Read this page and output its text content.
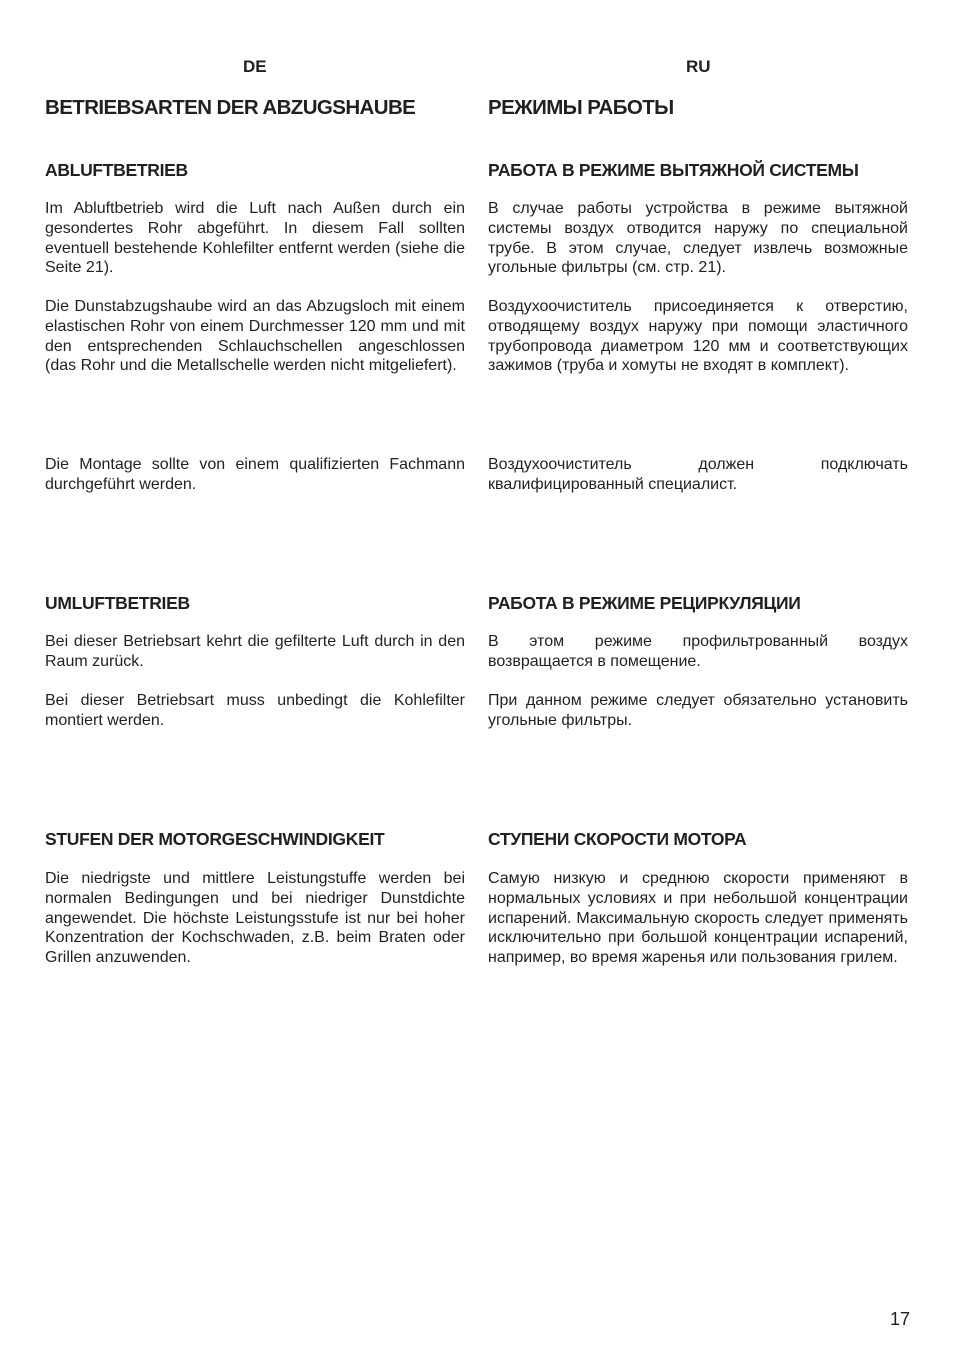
DE	RU
BETRIEBSARTEN DER ABZUGSHAUBE	РЕЖИМЫ РАБОТЫ
ABLUFTBETRIEB	РАБОТА В РЕЖИМЕ ВЫТЯЖНОЙ СИСТЕМЫ

Im Abluftbetrieb wird die Luft nach Außen durch ein gesondertes Rohr abgeführt. In diesem Fall sollten eventuell bestehende Kohlefilter entfernt werden (siehe die Seite 21).

В случае работы устройства в режиме вытяжной системы воздух отводится наружу по специальной трубе. В этом случае, следует извлечь возможные угольные фильтры (см. стр. 21).

Die Dunstabzugshaube wird an das Abzugsloch mit einem elastischen Rohr von einem Durchmesser 120 mm und mit den entsprechenden Schlauchschellen angeschlossen (das Rohr und die Metallschelle werden nicht mitgeliefert).

Воздухоочиститель присоединяется к отверстию, отводящему воздух наружу при помощи эластичного трубопровода диаметром 120 мм и соответствующих зажимов (труба и хомуты не входят в комплект).

Die Montage sollte von einem qualifizierten Fachmann durchgeführt werden.

Воздухоочиститель должен подключать квалифицированный специалист.

UMLUFTBETRIEB	РАБОТА В РЕЖИМЕ РЕЦИРКУЛЯЦИИ

Bei dieser Betriebsart kehrt die gefilterte Luft durch in den Raum zurück.

В этом режиме профильтрованный воздух возвращается в помещение.

Bei dieser Betriebsart muss unbedingt die Kohlefilter montiert werden.

При данном режиме следует обязательно установить угольные фильтры.

STUFEN DER MOTORGESCHWINDIGKEIT	СТУПЕНИ СКОРОСТИ МОТОРА

Die niedrigste und mittlere Leistungstuffe werden bei normalen Bedingungen und bei niedriger Dunstdichte angewendet. Die höchste Leistungsstufe ist nur bei hoher Konzentration der Kochschwaden, z.B. beim Braten oder Grillen anzuwenden.

Самую низкую и среднюю скорости применяют в нормальных условиях и при небольшой концентрации испарений. Максимальную скорость следует применять исключительно при большой концентрации испарений, например, во время жаренья или пользования грилем.

17
